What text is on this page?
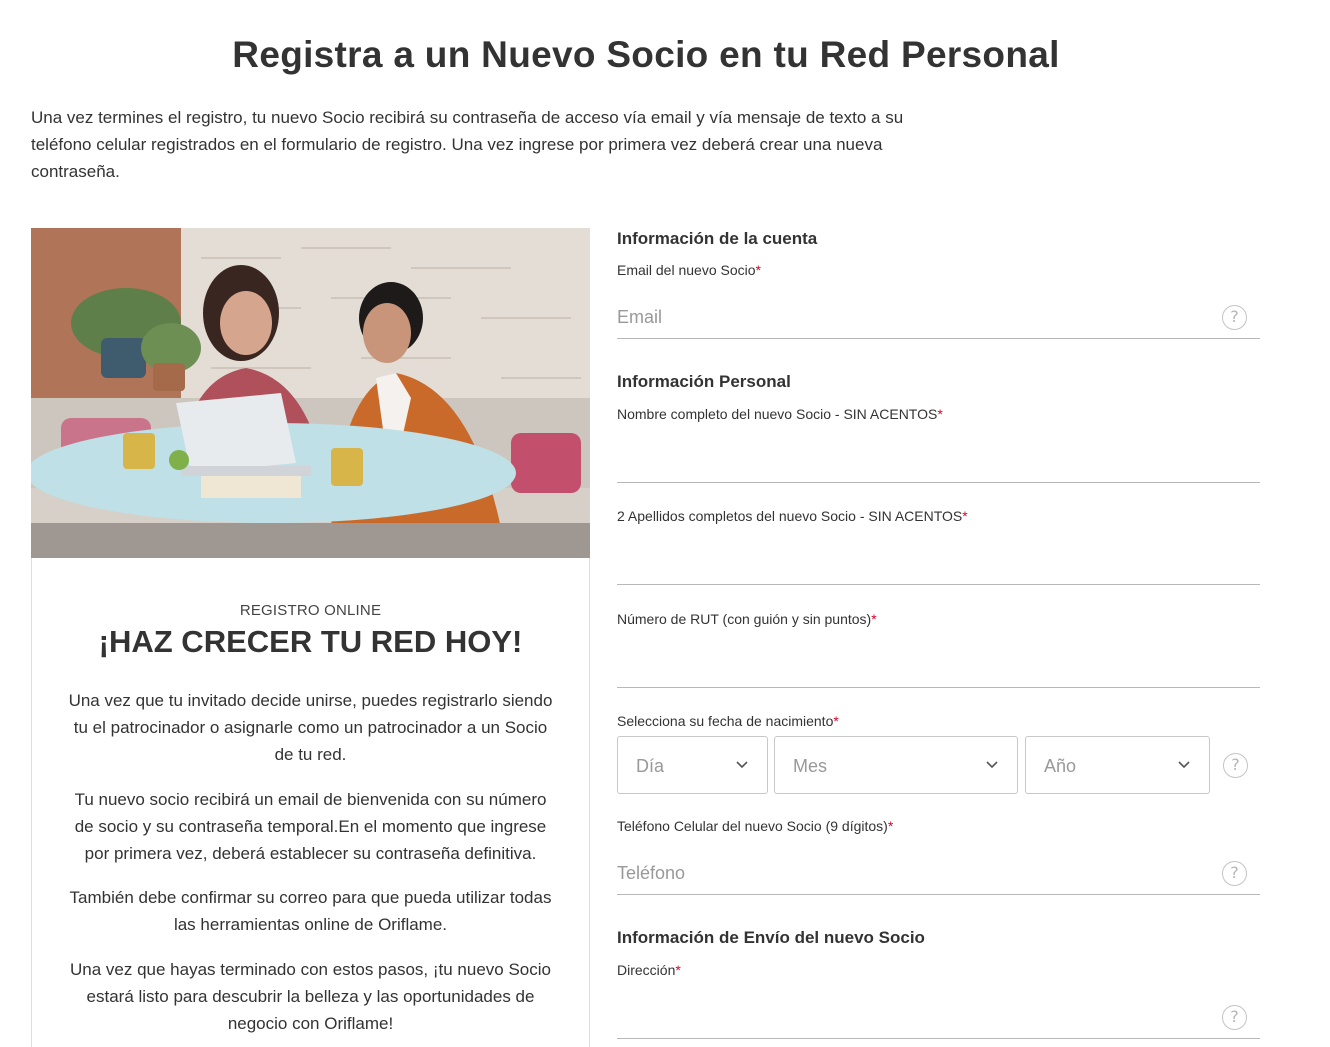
Registra a un Nuevo Socio en tu Red Personal

Una vez termines el registro, tu nuevo Socio recibirá su contraseña de acceso vía email y vía mensaje de texto a su teléfono celular registrados en el formulario de registro. Una vez ingrese por primera vez deberá crear una nueva contraseña.

REGISTRO ONLINE
¡HAZ CRECER TU RED HOY!

Una vez que tu invitado decide unirse, puedes registrarlo siendo tu el patrocinador o asignarle como un patrocinador a un Socio de tu red.

Tu nuevo socio recibirá un email de bienvenida con su número de socio y su contraseña temporal.En el momento que ingrese por primera vez, deberá establecer su contraseña definitiva.

También debe confirmar su correo para que pueda utilizar todas las herramientas online de Oriflame.

Una vez que hayas terminado con estos pasos, ¡tu nuevo Socio estará listo para descubrir la belleza y las oportunidades de negocio con Oriflame!

Información de la cuenta
Email del nuevo Socio*
Email
?
Información Personal
Nombre completo del nuevo Socio - SIN ACENTOS*
2 Apellidos completos del nuevo Socio - SIN ACENTOS*
Número de RUT (con guión y sin puntos)*
Selecciona su fecha de nacimiento*
Día	Mes	Año	?
Teléfono Celular del nuevo Socio (9 dígitos)*
Teléfono
?
Información de Envío del nuevo Socio
Dirección*
?
